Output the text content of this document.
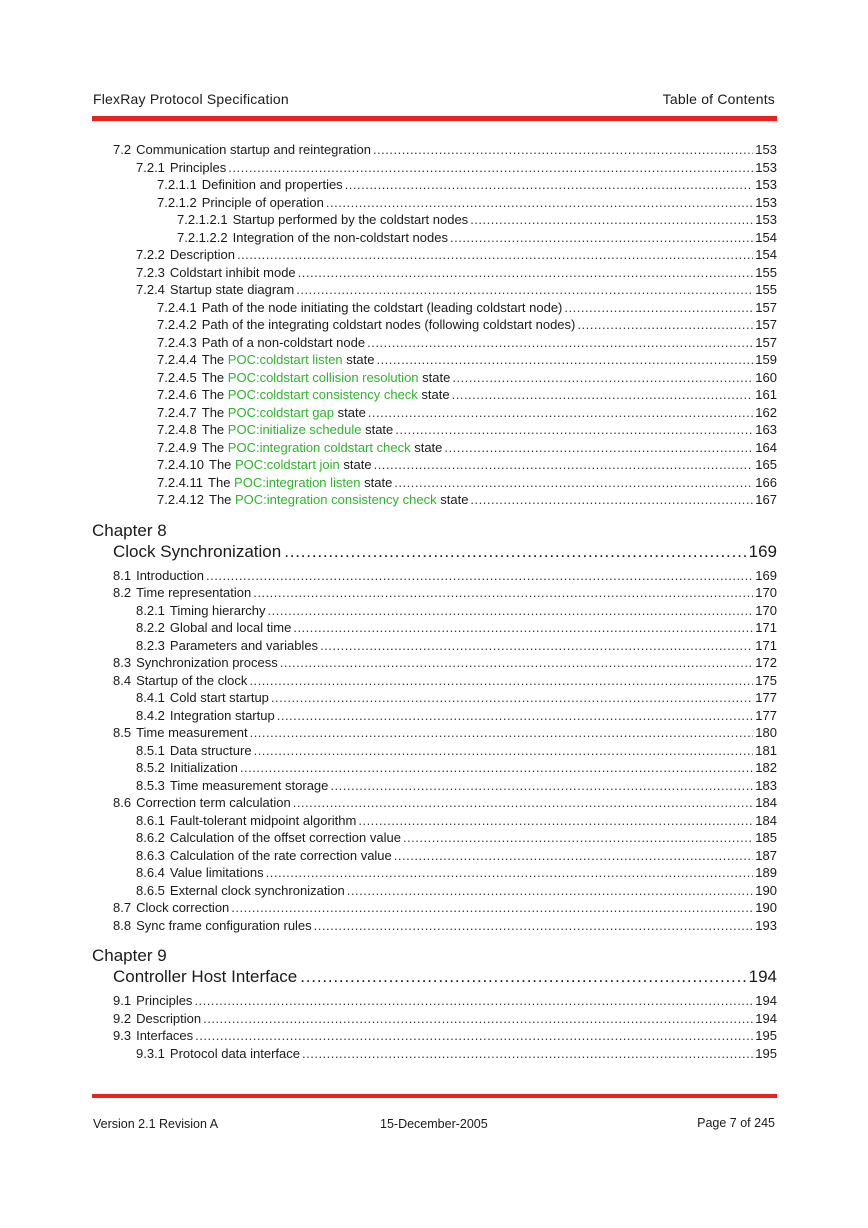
FlexRay Protocol Specification	Table of Contents
7.2 Communication startup and reintegration .....	153
7.2.1 Principles .....	153
7.2.1.1 Definition and properties .....	153
7.2.1.2 Principle of operation .....	153
7.2.1.2.1 Startup performed by the coldstart nodes .....	153
7.2.1.2.2 Integration of the non-coldstart nodes .....	154
7.2.2 Description .....	154
7.2.3 Coldstart inhibit mode .....	155
7.2.4 Startup state diagram .....	155
7.2.4.1 Path of the node initiating the coldstart (leading coldstart node) .....	157
7.2.4.2 Path of the integrating coldstart nodes (following coldstart nodes) .....	157
7.2.4.3 Path of a non-coldstart node .....	157
7.2.4.4 The POC:coldstart listen state .....	159
7.2.4.5 The POC:coldstart collision resolution state .....	160
7.2.4.6 The POC:coldstart consistency check state .....	161
7.2.4.7 The POC:coldstart gap state .....	162
7.2.4.8 The POC:initialize schedule state .....	163
7.2.4.9 The POC:integration coldstart check state .....	164
7.2.4.10 The POC:coldstart join state .....	165
7.2.4.11 The POC:integration listen state .....	166
7.2.4.12 The POC:integration consistency check state .....	167
Chapter 8
Clock Synchronization .....	169
8.1 Introduction .....	169
8.2 Time representation .....	170
8.2.1 Timing hierarchy .....	170
8.2.2 Global and local time .....	171
8.2.3 Parameters and variables .....	171
8.3 Synchronization process .....	172
8.4 Startup of the clock .....	175
8.4.1 Cold start startup .....	177
8.4.2 Integration startup .....	177
8.5 Time measurement .....	180
8.5.1 Data structure .....	181
8.5.2 Initialization .....	182
8.5.3 Time measurement storage .....	183
8.6 Correction term calculation .....	184
8.6.1 Fault-tolerant midpoint algorithm .....	184
8.6.2 Calculation of the offset correction value .....	185
8.6.3 Calculation of the rate correction value .....	187
8.6.4 Value limitations .....	189
8.6.5 External clock synchronization .....	190
8.7 Clock correction .....	190
8.8 Sync frame configuration rules .....	193
Chapter 9
Controller Host Interface .....	194
9.1 Principles .....	194
9.2 Description .....	194
9.3 Interfaces .....	195
9.3.1 Protocol data interface .....	195
Version 2.1 Revision A	15-December-2005	Page 7 of 245
